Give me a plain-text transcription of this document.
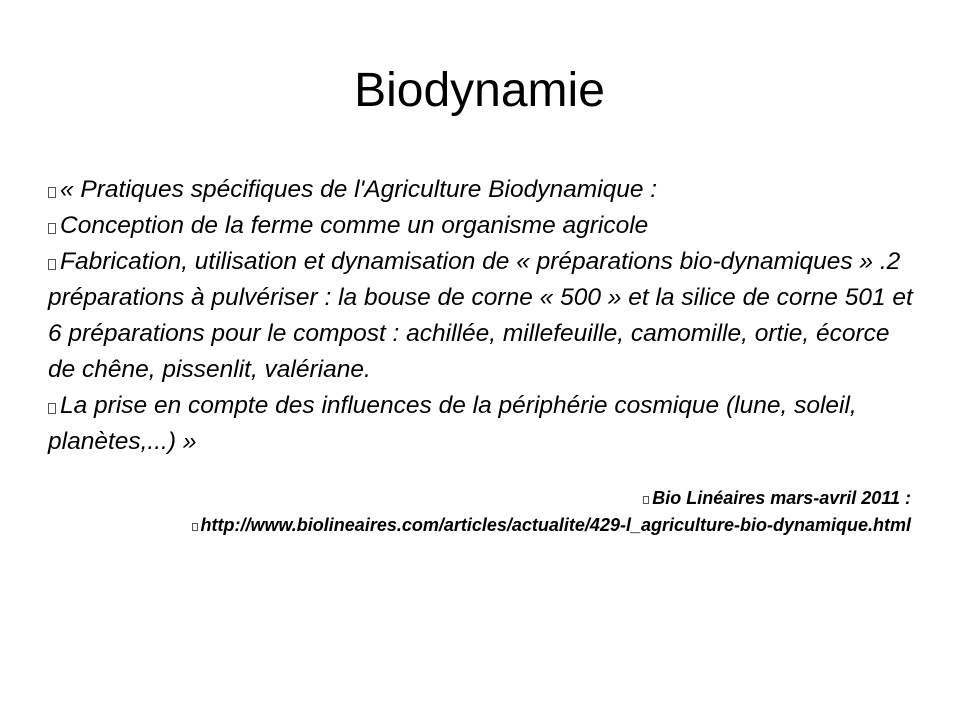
Biodynamie

« Pratiques spécifiques de l'Agriculture Biodynamique :

Conception de la ferme comme un organisme agricole

Fabrication, utilisation et dynamisation de « préparations bio-dynamiques » .2 préparations à pulvériser : la bouse de corne « 500 » et la silice de corne 501 et 6 préparations pour le compost : achillée, millefeuille, camomille, ortie, écorce de chêne, pissenlit, valériane.

La prise en compte des influences de la périphérie cosmique (lune, soleil, planètes,...) »

Bio Linéaires mars-avril 2011 :
http://www.biolineaires.com/articles/actualite/429-l_agriculture-bio-dynamique.html
